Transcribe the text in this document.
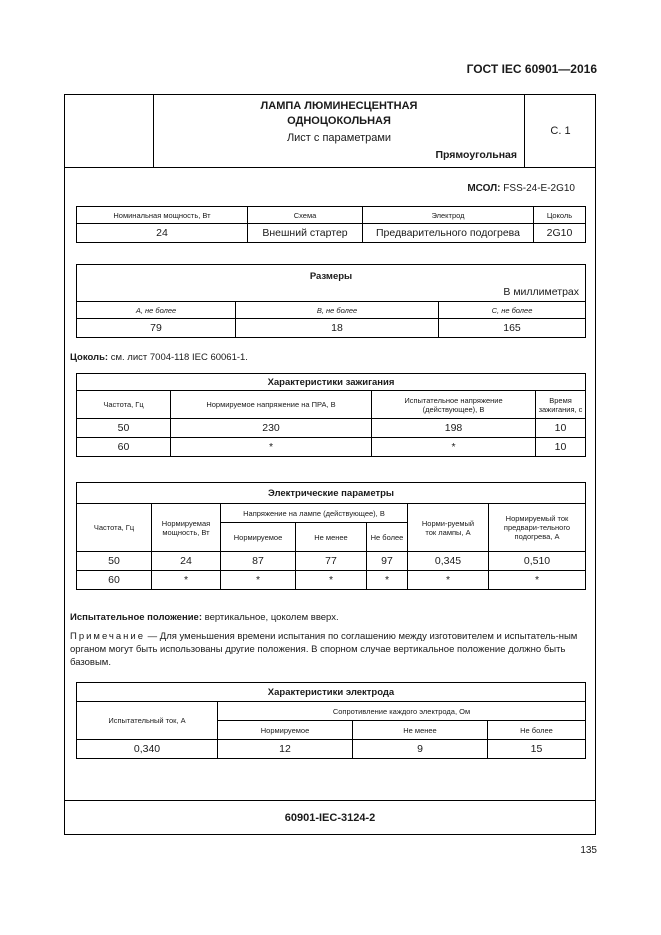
ГОСТ IEC 60901—2016
ЛАМПА ЛЮМИНЕСЦЕНТНАЯ
ОДНОЦОКОЛЬНАЯ
Лист с параметрами
Прямоугольная
С. 1
МСОЛ: FSS-24-E-2G10
Номинальная мощность, Вт	Схема	Электрод	Цоколь
24	Внешний стартер	Предварительного подогрева	2G10
Размеры
В миллиметрах		

A, не более	B, не более	C, не более
79	18	165
Цоколь: см. лист 7004-118 IEC 60061-1.
Характеристики зажигания			
Частота, Гц	Нормируемое напряжение на ПРА, В	Испытательное напряжение (действующее), В	Время зажигания, с
50	230	198	10
60	*	*	10
Электрические параметры						
Частота, Гц	Нормируемая мощность, Вт	Напряжение на лампе (действующее), В			Норми-руемый ток лампы, А	Нормируемый ток предвари-тельного подогрева, А
		Нормируемое	Не менее	Не более		
50	24	87	77	97	0,345	0,510
60	*	*	*	*	*	*
Испытательное положение: вертикальное, цоколем вверх.
Примечание — Для уменьшения времени испытания по соглашению между изготовителем и испытатель-ным органом могут быть использованы другие положения. В спорном случае вертикальное положение должно быть базовым.
Характеристики электрода			
Испытательный ток, А	Сопротивление каждого электрода, Ом		
	Нормируемое	Не менее	Не более
0,340	12	9	15
60901-IEC-3124-2
135
